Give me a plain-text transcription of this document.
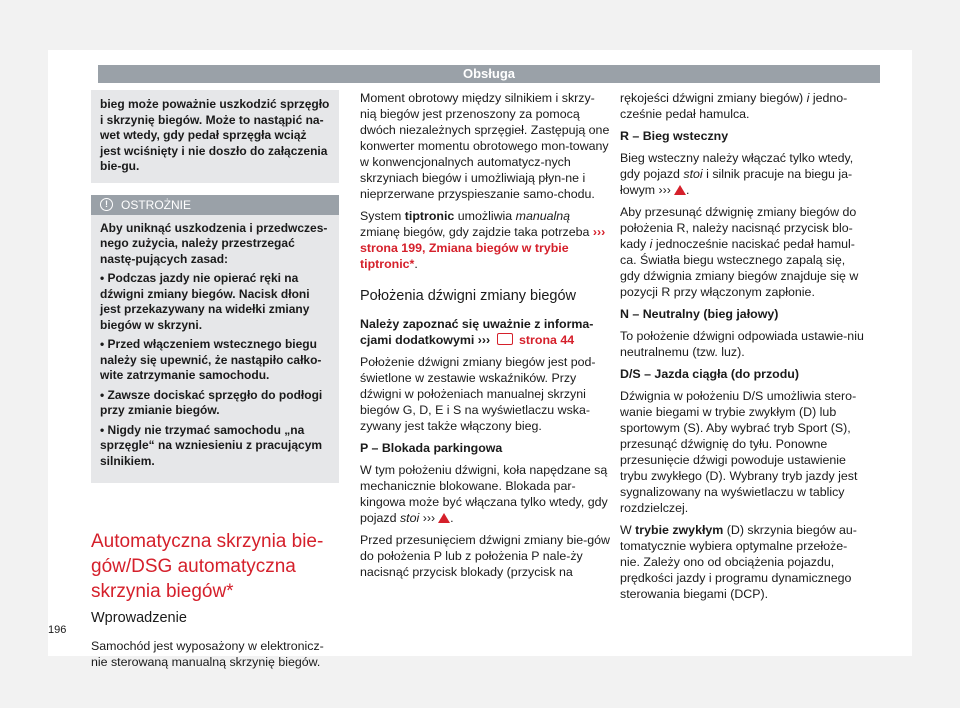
Obsługa
bieg może poważnie uszkodzić sprzęgło i skrzynię biegów. Może to nastąpić na-wet wtedy, gdy pedał sprzęgła wciąż jest wciśnięty i nie doszło do załączenia bie-gu.
!	OSTROŻNIE

Aby uniknąć uszkodzenia i przedwczes-nego zużycia, należy przestrzegać nastę-pujących zasad:

• Podczas jazdy nie opierać ręki na dźwigni zmiany biegów. Nacisk dłoni jest przekazywany na widełki zmiany biegów w skrzyni.

• Przed włączeniem wstecznego biegu należy się upewnić, że nastąpiło całko-wite zatrzymanie samochodu.

• Zawsze dociskać sprzęgło do podłogi przy zmianie biegów.

• Nigdy nie trzymać samochodu „na sprzęgle“ na wzniesieniu z pracującym silnikiem.

Automatyczna skrzynia bie-gów/DSG automatyczna skrzynia biegów*
Wprowadzenie

Samochód jest wyposażony w elektronicz-nie sterowaną manualną skrzynię biegów.

Moment obrotowy między silnikiem i skrzy-nią biegów jest przenoszony za pomocą dwóch niezależnych sprzęgieł. Zastępują one konwerter momentu obrotowego mon-towany w konwencjonalnych automatycz-nych skrzyniach biegów i umożliwiają płyn-ne i nieprzerwane przyspieszanie samo-chodu.

System tiptronic umożliwia manualną zmianę biegów, gdy zajdzie taka potrzeba ››› strona 199, Zmiana biegów w trybie tiptronic*.

Położenia dźwigni zmiany biegów

Należy zapoznać się uważnie z informa-cjami dodatkowymi ››› strona 44

Położenie dźwigni zmiany biegów jest pod-świetlone w zestawie wskaźników. Przy dźwigni w położeniach manualnej skrzyni biegów G, D, E i S na wyświetlaczu wska-zywany jest także włączony bieg.

P – Blokada parkingowa

W tym położeniu dźwigni, koła napędzane są mechanicznie blokowane. Blokada par-kingowa może być włączana tylko wtedy, gdy pojazd stoi ››› .

Przed przesunięciem dźwigni zmiany bie-gów do położenia P lub z położenia P nale-ży nacisnąć przycisk blokady (przycisk na

rękojeści dźwigni zmiany biegów) i jedno-cześnie pedał hamulca.

R – Bieg wsteczny

Bieg wsteczny należy włączać tylko wtedy, gdy pojazd stoi i silnik pracuje na biegu ja-łowym ››› .

Aby przesunąć dźwignię zmiany biegów do położenia R, należy nacisnąć przycisk blo-kady i jednocześnie naciskać pedał hamul-ca. Światła biegu wstecznego zapalą się, gdy dźwignia zmiany biegów znajduje się w pozycji R przy włączonym zapłonie.

N – Neutralny (bieg jałowy)

To położenie dźwigni odpowiada ustawie-niu neutralnemu (tzw. luz).

D/S – Jazda ciągła (do przodu)

Dźwignia w położeniu D/S umożliwia stero-wanie biegami w trybie zwykłym (D) lub sportowym (S). Aby wybrać tryb Sport (S), przesunąć dźwignię do tyłu. Ponowne przesunięcie dźwigi powoduje ustawienie trybu zwykłego (D). Wybrany tryb jazdy jest sygnalizowany na wyświetlaczu w tablicy rozdzielczej.

W trybie zwykłym (D) skrzynia biegów au-tomatycznie wybiera optymalne przełoże-nie. Zależy ono od obciążenia pojazdu, prędkości jazdy i programu dynamicznego sterowania biegami (DCP).

196
